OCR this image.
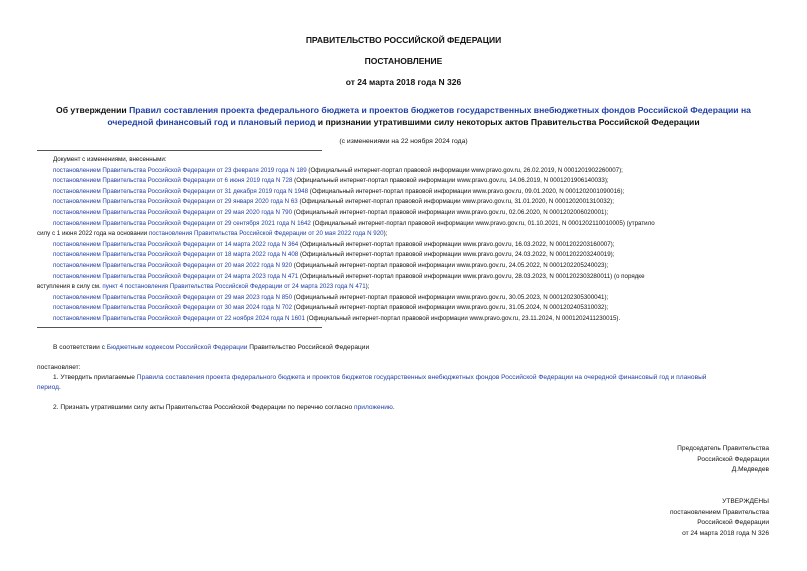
ПРАВИТЕЛЬСТВО РОССИЙСКОЙ ФЕДЕРАЦИИ
ПОСТАНОВЛЕНИЕ
от 24 марта 2018 года N 326
Об утверждении Правил составления проекта федерального бюджета и проектов бюджетов государственных внебюджетных фондов Российской Федерации на очередной финансовый год и плановый период и признании утратившими силу некоторых актов Правительства Российской Федерации
(с изменениями на 22 ноября 2024 года)
Документ с изменениями, внесенными:
постановлением Правительства Российской Федерации от 23 февраля 2019 года N 189 (Официальный интернет-портал правовой информации www.pravo.gov.ru, 26.02.2019, N 0001201902260007);
постановлением Правительства Российской Федерации от 6 июня 2019 года N 728 (Официальный интернет-портал правовой информации www.pravo.gov.ru, 14.06.2019, N 0001201906140033);
постановлением Правительства Российской Федерации от 31 декабря 2019 года N 1948 (Официальный интернет-портал правовой информации www.pravo.gov.ru, 09.01.2020, N 0001202001090016);
постановлением Правительства Российской Федерации от 29 января 2020 года N 63 (Официальный интернет-портал правовой информации www.pravo.gov.ru, 31.01.2020, N 0001202001310032);
постановлением Правительства Российской Федерации от 29 мая 2020 года N 790 (Официальный интернет-портал правовой информации www.pravo.gov.ru, 02.06.2020, N 0001202006020001);
постановлением Правительства Российской Федерации от 29 сентября 2021 года N 1642 (Официальный интернет-портал правовой информации www.pravo.gov.ru, 01.10.2021, N 0001202110010005) (утратило
силу с 1 июня 2022 года на основании постановления Правительства Российской Федерации от 20 мая 2022 года N 920);
постановлением Правительства Российской Федерации от 14 марта 2022 года N 364 (Официальный интернет-портал правовой информации www.pravo.gov.ru, 16.03.2022, N 0001202203160007);
постановлением Правительства Российской Федерации от 18 марта 2022 года N 408 (Официальный интернет-портал правовой информации www.pravo.gov.ru, 24.03.2022, N 0001202203240019);
постановлением Правительства Российской Федерации от 20 мая 2022 года N 920 (Официальный интернет-портал правовой информации www.pravo.gov.ru, 24.05.2022, N 0001202205240023);
постановлением Правительства Российской Федерации от 24 марта 2023 года N 471 (Официальный интернет-портал правовой информации www.pravo.gov.ru, 28.03.2023, N 0001202303280011) (о порядке
вступления в силу см. пункт 4 постановления Правительства Российской Федерации от 24 марта 2023 года N 471);
постановлением Правительства Российской Федерации от 29 мая 2023 года N 850 (Официальный интернет-портал правовой информации www.pravo.gov.ru, 30.05.2023, N 0001202305300041);
постановлением Правительства Российской Федерации от 30 мая 2024 года N 702 (Официальный интернет-портал правовой информации www.pravo.gov.ru, 31.05.2024, N 0001202405310032);
постановлением Правительства Российской Федерации от 22 ноября 2024 года N 1601 (Официальный интернет-портал правовой информации www.pravo.gov.ru, 23.11.2024, N 0001202411230015).
В соответствии с Бюджетным кодексом Российской Федерации Правительство Российской Федерации
постановляет:
1. Утвердить прилагаемые Правила составления проекта федерального бюджета и проектов бюджетов государственных внебюджетных фондов Российской Федерации на очередной финансовый год и плановый
период.
2. Признать утратившими силу акты Правительства Российской Федерации по перечню согласно приложению.
Председатель Правительства
Российской Федерации
Д.Медведев
УТВЕРЖДЕНЫ
постановлением Правительства
Российской Федерации
от 24 марта 2018 года N 326
